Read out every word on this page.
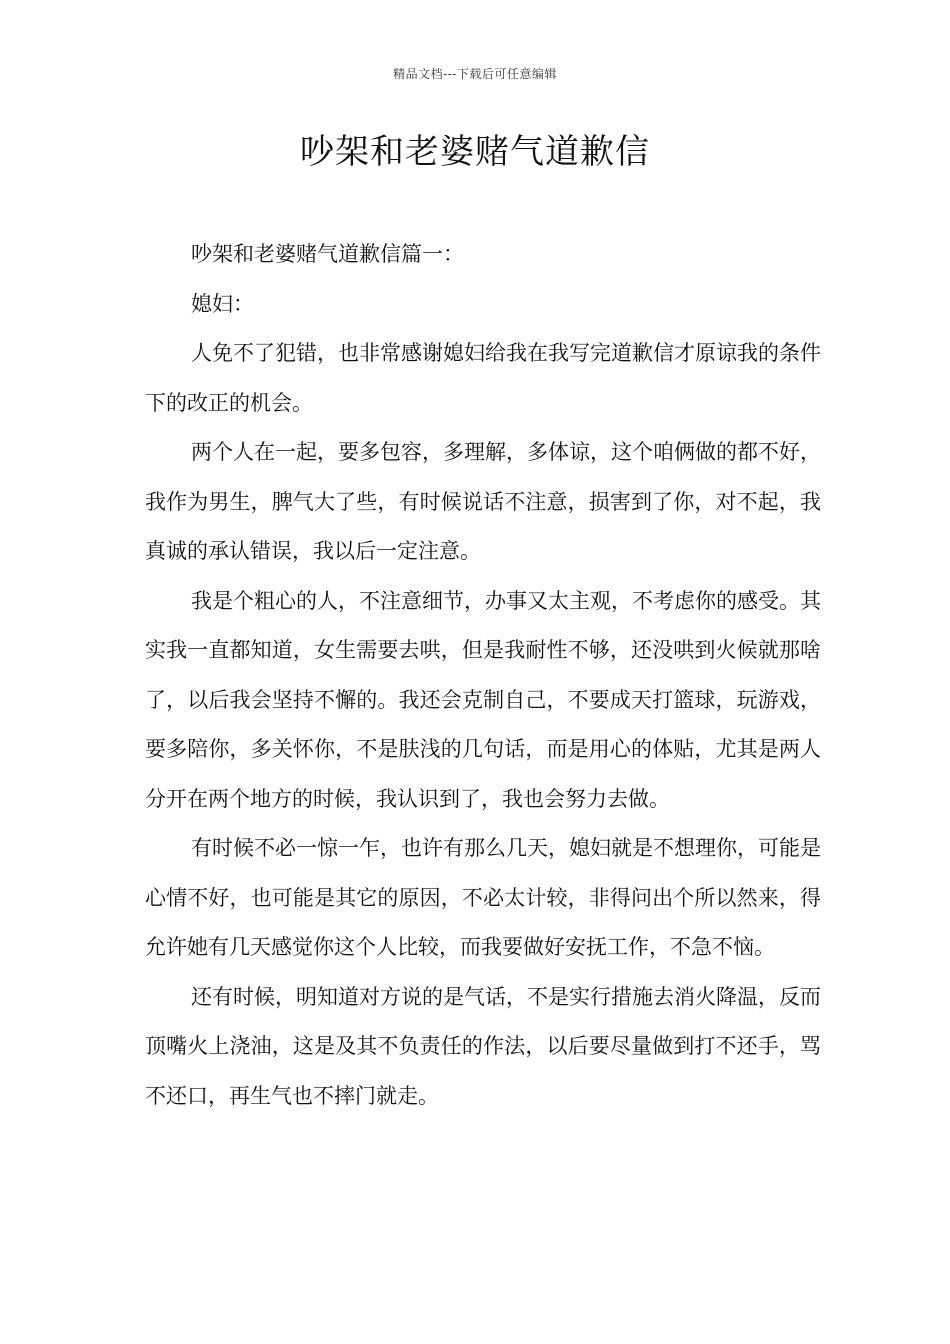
精品文档---下载后可任意编辑
吵架和老婆赌气道歉信

吵架和老婆赌气道歉信篇一：

媳妇：

人免不了犯错，也非常感谢媳妇给我在我写完道歉信才原谅我的条件下的改正的机会。

两个人在一起，要多包容，多理解，多体谅，这个咱俩做的都不好，我作为男生，脾气大了些，有时候说话不注意，损害到了你，对不起，我真诚的承认错误，我以后一定注意。

我是个粗心的人，不注意细节，办事又太主观，不考虑你的感受。其实我一直都知道，女生需要去哄，但是我耐性不够，还没哄到火候就那啥了，以后我会坚持不懈的。我还会克制自己，不要成天打篮球，玩游戏，要多陪你，多关怀你，不是肤浅的几句话，而是用心的体贴，尤其是两人分开在两个地方的时候，我认识到了，我也会努力去做。

有时候不必一惊一乍，也许有那么几天，媳妇就是不想理你，可能是心情不好，也可能是其它的原因，不必太计较，非得问出个所以然来，得允许她有几天感觉你这个人比较，而我要做好安抚工作，不急不恼。

还有时候，明知道对方说的是气话，不是实行措施去消火降温，反而顶嘴火上浇油，这是及其不负责任的作法，以后要尽量做到打不还手，骂不还口，再生气也不摔门就走。
